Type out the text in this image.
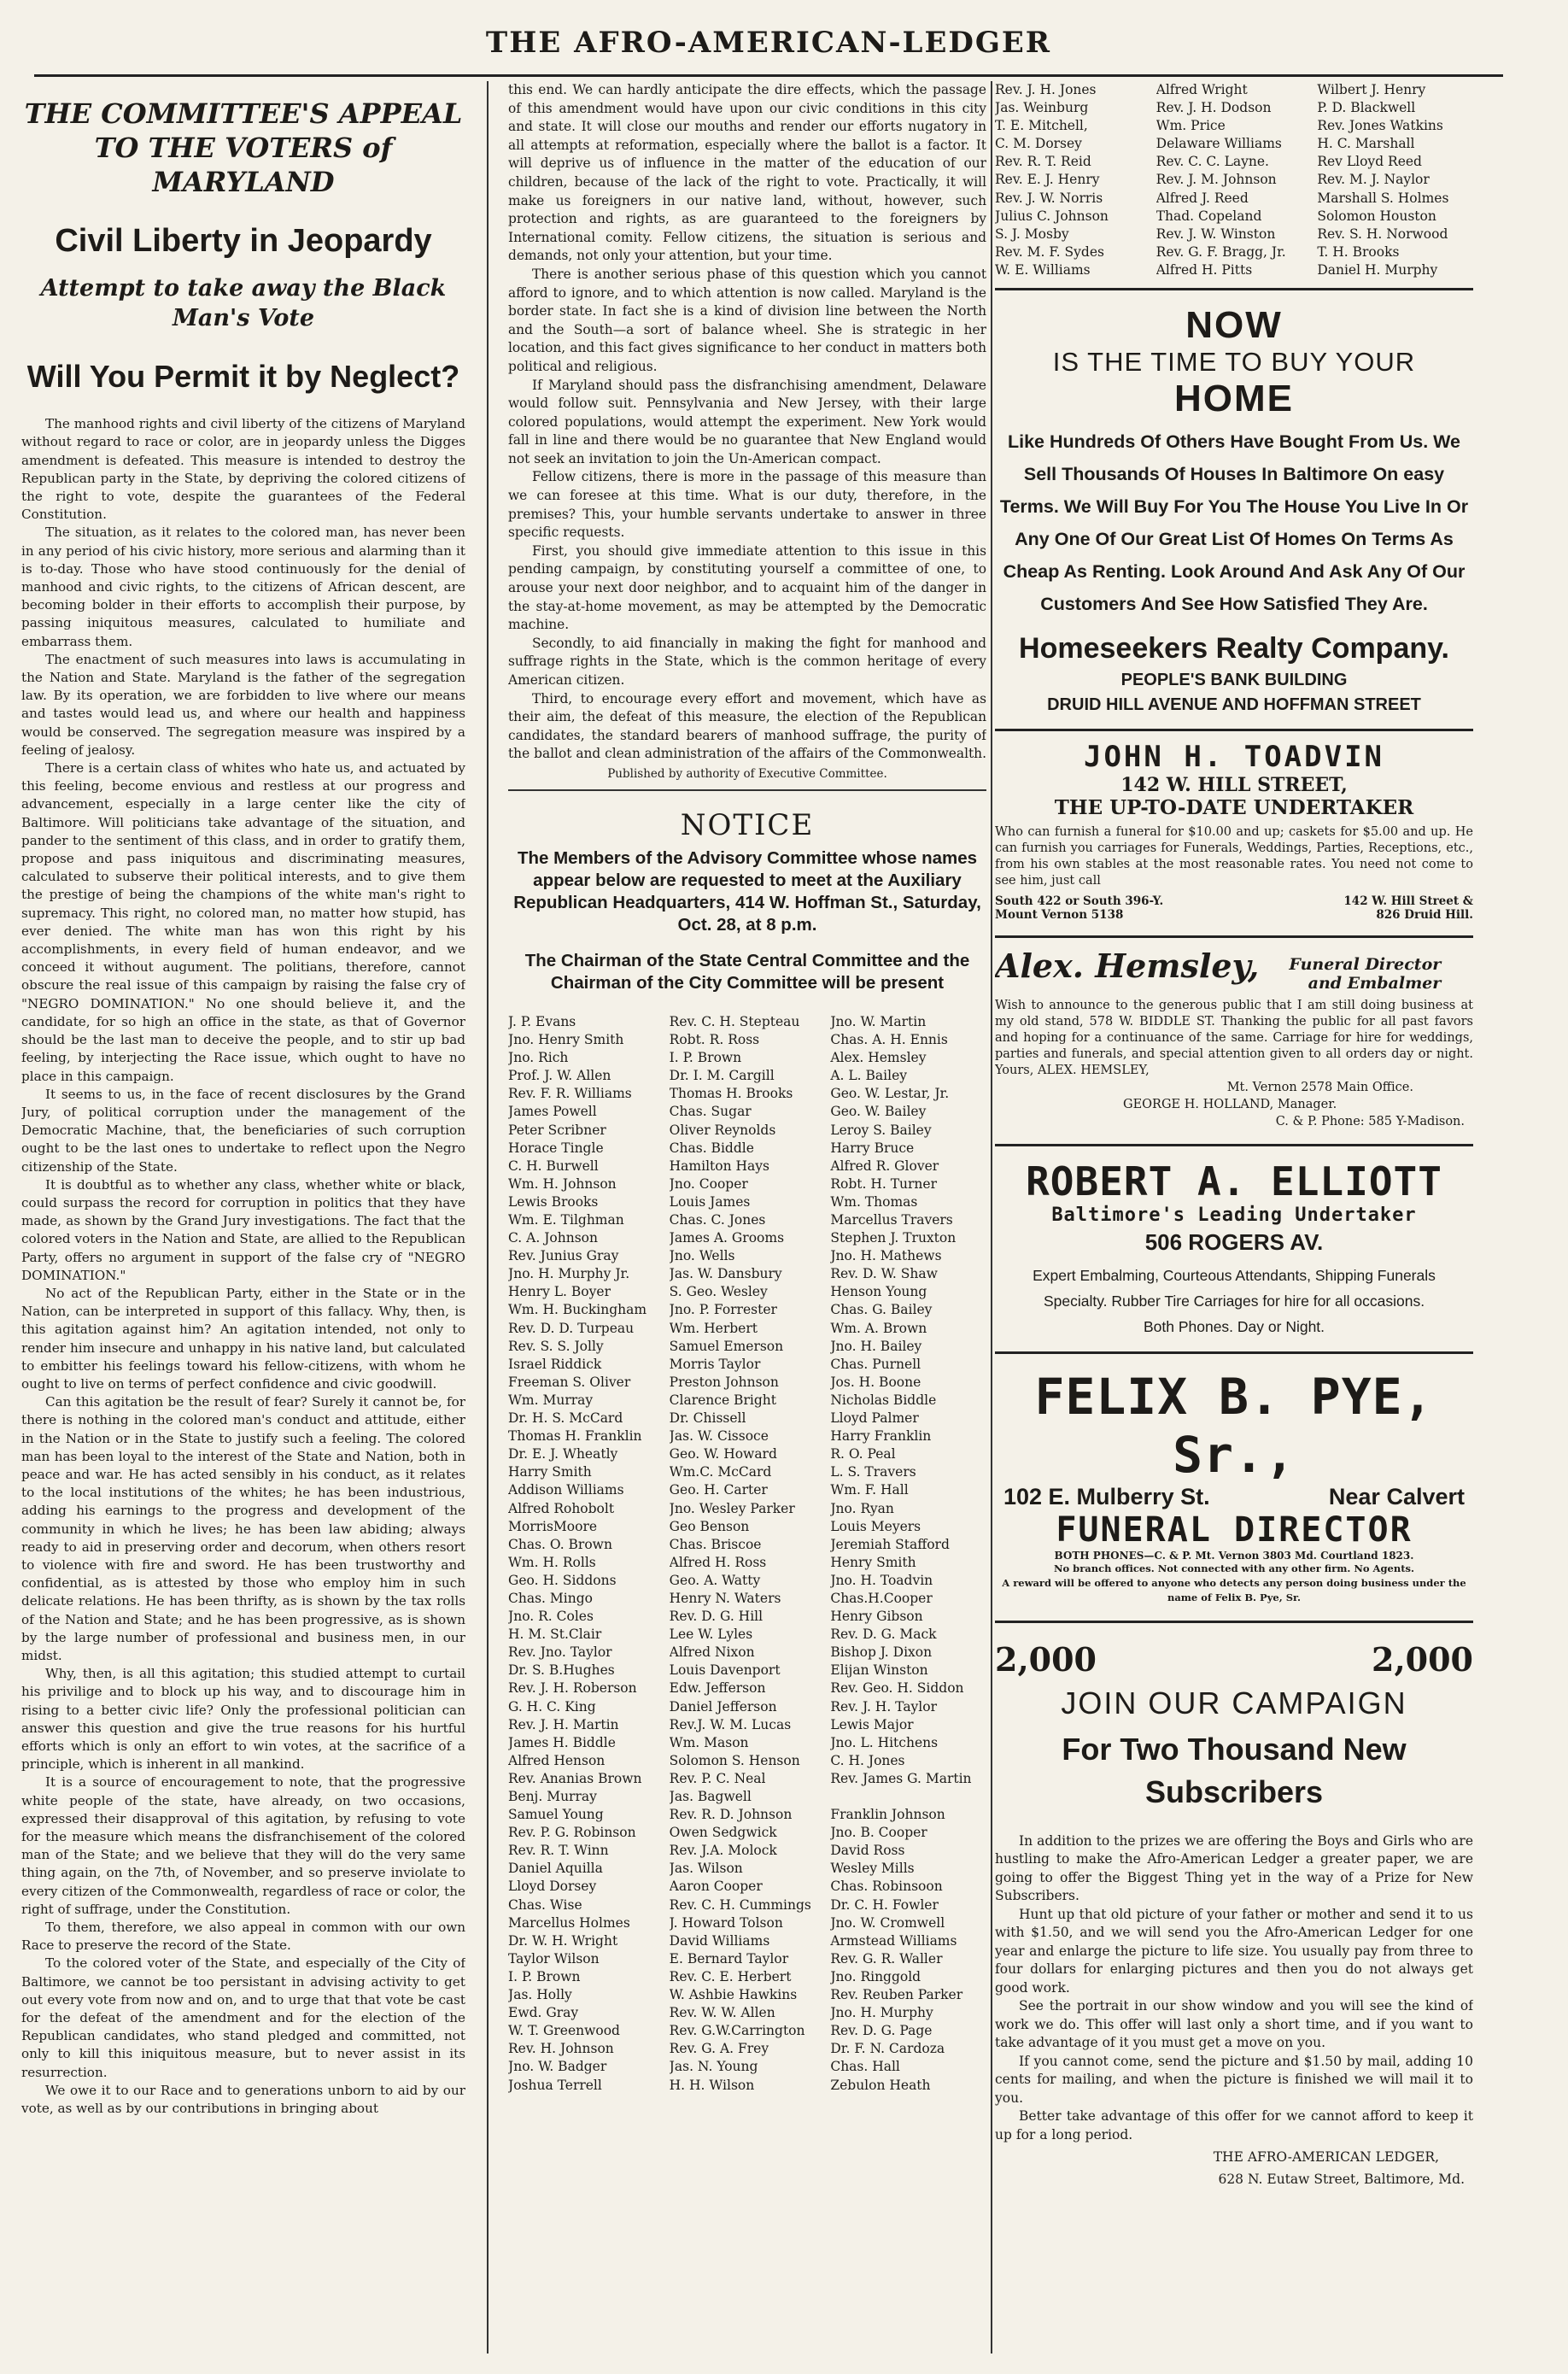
THE AFRO-AMERICAN-LEDGER
THE COMMITTEE'S APPEAL TO THE VOTERS of MARYLAND
Civil Liberty in Jeopardy
Attempt to take away the Black Man's Vote
Will You Permit it by Neglect?

The manhood rights and civil liberty of the citizens of Maryland without regard to race or color, are in jeopardy unless the Digges amendment is defeated. This measure is intended to destroy the Republican party in the State, by depriving the colored citizens of the right to vote, despite the guarantees of the Federal Constitution.

The situation, as it relates to the colored man, has never been in any period of his civic history, more serious and alarming than it is to-day. Those who have stood continuously for the denial of manhood and civic rights, to the citizens of African descent, are becoming bolder in their efforts to accomplish their purpose, by passing iniquitous measures, calculated to humiliate and embarrass them.

The enactment of such measures into laws is accumulating in the Nation and State. Maryland is the father of the segregation law. By its operation, we are forbidden to live where our means and tastes would lead us, and where our health and happiness would be conserved. The segregation measure was inspired by a feeling of jealosy.

There is a certain class of whites who hate us, and actuated by this feeling, become envious and restless at our progress and advancement, especially in a large center like the city of Baltimore. Will politicians take advantage of the situation, and pander to the sentiment of this class, and in order to gratify them, propose and pass iniquitous and discriminating measures, calculated to subserve their political interests, and to give them the prestige of being the champions of the white man's right to supremacy. This right, no colored man, no matter how stupid, has ever denied. The white man has won this right by his accomplishments, in every field of human endeavor, and we conceed it without augument. The politians, therefore, cannot obscure the real issue of this campaign by raising the false cry of "NEGRO DOMINATION." No one should believe it, and the candidate, for so high an office in the state, as that of Governor should be the last man to deceive the people, and to stir up bad feeling, by interjecting the Race issue, which ought to have no place in this campaign.

It seems to us, in the face of recent disclosures by the Grand Jury, of political corruption under the management of the Democratic Machine, that, the beneficiaries of such corruption ought to be the last ones to undertake to reflect upon the Negro citizenship of the State.

It is doubtful as to whether any class, whether white or black, could surpass the record for corruption in politics that they have made, as shown by the Grand Jury investigations. The fact that the colored voters in the Nation and State, are allied to the Republican Party, offers no argument in support of the false cry of "NEGRO DOMINATION."

No act of the Republican Party, either in the State or in the Nation, can be interpreted in support of this fallacy. Why, then, is this agitation against him? An agitation intended, not only to render him insecure and unhappy in his native land, but calculated to embitter his feelings toward his fellow-citizens, with whom he ought to live on terms of perfect confidence and civic goodwill.

Can this agitation be the result of fear? Surely it cannot be, for there is nothing in the colored man's conduct and attitude, either in the Nation or in the State to justify such a feeling. The colored man has been loyal to the interest of the State and Nation, both in peace and war. He has acted sensibly in his conduct, as it relates to the local institutions of the whites; he has been industrious, adding his earnings to the progress and development of the community in which he lives; he has been law abiding; always ready to aid in preserving order and decorum, when others resort to violence with fire and sword. He has been trustworthy and confidential, as is attested by those who employ him in such delicate relations. He has been thrifty, as is shown by the tax rolls of the Nation and State; and he has been progressive, as is shown by the large number of professional and business men, in our midst.

Why, then, is all this agitation; this studied attempt to curtail his privilige and to block up his way, and to discourage him in rising to a better civic life? Only the professional politician can answer this question and give the true reasons for his hurtful efforts which is only an effort to win votes, at the sacrifice of a principle, which is inherent in all mankind.

It is a source of encouragement to note, that the progressive white people of the state, have already, on two occasions, expressed their disapproval of this agitation, by refusing to vote for the measure which means the disfranchisement of the colored man of the State; and we believe that they will do the very same thing again, on the 7th, of November, and so preserve inviolate to every citizen of the Commonwealth, regardless of race or color, the right of suffrage, under the Constitution.

To them, therefore, we also appeal in common with our own Race to preserve the record of the State.

To the colored voter of the State, and especially of the City of Baltimore, we cannot be too persistant in advising activity to get out every vote from now and on, and to urge that that vote be cast for the defeat of the amendment and for the election of the Republican candidates, who stand pledged and committed, not only to kill this iniquitous measure, but to never assist in its resurrection.

We owe it to our Race and to generations unborn to aid by our vote, as well as by our contributions in bringing about

this end. We can hardly anticipate the dire effects, which the passage of this amendment would have upon our civic conditions in this city and state. It will close our mouths and render our efforts nugatory in all attempts at reformation, especially where the ballot is a factor. It will deprive us of influence in the matter of the education of our children, because of the lack of the right to vote. Practically, it will make us foreigners in our native land, without, however, such protection and rights, as are guaranteed to the foreigners by International comity. Fellow citizens, the situation is serious and demands, not only your attention, but your time.

There is another serious phase of this question which you cannot afford to ignore, and to which attention is now called. Maryland is the border state. In fact she is a kind of division line between the North and the South—a sort of balance wheel. She is strategic in her location, and this fact gives significance to her conduct in matters both political and religious.

If Maryland should pass the disfranchising amendment, Delaware would follow suit. Pennsylvania and New Jersey, with their large colored populations, would attempt the experiment. New York would fall in line and there would be no guarantee that New England would not seek an invitation to join the Un-American compact.

Fellow citizens, there is more in the passage of this measure than we can foresee at this time. What is our duty, therefore, in the premises? This, your humble servants undertake to answer in three specific requests.

First, you should give immediate attention to this issue in this pending campaign, by constituting yourself a committee of one, to arouse your next door neighbor, and to acquaint him of the danger in the stay-at-home movement, as may be attempted by the Democratic machine.

Secondly, to aid financially in making the fight for manhood and suffrage rights in the State, which is the common heritage of every American citizen.

Third, to encourage every effort and movement, which have as their aim, the defeat of this measure, the election of the Republican candidates, the standard bearers of manhood suffrage, the purity of the ballot and clean administration of the affairs of the Commonwealth.

Published by authority of Executive Committee.
NOTICE
The Members of the Advisory Committee whose names appear below are requested to meet at the Auxiliary Republican Headquarters, 414 W. Hoffman St., Saturday, Oct. 28, at 8 p.m.
The Chairman of the State Central Committee and the Chairman of the City Committee will be present
J. P. Evans	Rev. C. H. Stepteau	Jno. W. Martin
Jno. Henry Smith	Robt. R. Ross	Chas. A. H. Ennis
Jno. Rich	I. P. Brown	Alex. Hemsley
Prof. J. W. Allen	Dr. I. M. Cargill	A. L. Bailey
Rev. F. R. Williams	Thomas H. Brooks	Geo. W. Lestar, Jr.
James Powell	Chas. Sugar	Geo. W. Bailey
Peter Scribner	Oliver Reynolds	Leroy S. Bailey
Horace Tingle	Chas. Biddle	Harry Bruce
C. H. Burwell	Hamilton Hays	Alfred R. Glover
Wm. H. Johnson	Jno. Cooper	Robt. H. Turner
Lewis Brooks	Louis James	Wm. Thomas
Wm. E. Tilghman	Chas. C. Jones	Marcellus Travers
C. A. Johnson	James A. Grooms	Stephen J. Truxton
Rev. Junius Gray	Jno. Wells	Jno. H. Mathews
Jno. H. Murphy Jr.	Jas. W. Dansbury	Rev. D. W. Shaw
Henry L. Boyer	S. Geo. Wesley	Henson Young
Wm. H. Buckingham	Jno. P. Forrester	Chas. G. Bailey
Rev. D. D. Turpeau	Wm. Herbert	Wm. A. Brown
Rev. S. S. Jolly	Samuel Emerson	Jno. H. Bailey
Israel Riddick	Morris Taylor	Chas. Purnell
Freeman S. Oliver	Preston Johnson	Jos. H. Boone
Wm. Murray	Clarence Bright	Nicholas Biddle
Dr. H. S. McCard	Dr. Chissell	Lloyd Palmer
Thomas H. Franklin	Jas. W. Cissoce	Harry Franklin
Dr. E. J. Wheatly	Geo. W. Howard	R. O. Peal
Harry Smith	Wm.C. McCard	L. S. Travers
Addison Williams	Geo. H. Carter	Wm. F. Hall
Alfred Rohobolt	Jno. Wesley Parker	Jno. Ryan
MorrisMoore	Geo Benson	Louis Meyers
Chas. O. Brown	Chas. Briscoe	Jeremiah Stafford
Wm. H. Rolls	Alfred H. Ross	Henry Smith
Geo. H. Siddons	Geo. A. Watty	Jno. H. Toadvin
Chas. Mingo	Henry N. Waters	Chas.H.Cooper
Jno. R. Coles	Rev. D. G. Hill	Henry Gibson
H. M. St.Clair	Lee W. Lyles	Rev. D. G. Mack
Rev. Jno. Taylor	Alfred Nixon	Bishop J. Dixon
Dr. S. B.Hughes	Louis Davenport	Elijan Winston
Rev. J. H. Roberson	Edw. Jefferson	Rev. Geo. H. Siddon
G. H. C. King	Daniel Jefferson	Rev. J. H. Taylor
Rev. J. H. Martin	Rev.J. W. M. Lucas	Lewis Major
James H. Biddle	Wm. Mason	Jno. L. Hitchens
Alfred Henson	Solomon S. Henson	C. H. Jones
Rev. Ananias Brown	Rev. P. C. Neal	Rev. James G. Martin
Benj. Murray	Jas. Bagwell
Samuel Young	Rev. R. D. Johnson	Franklin Johnson
Rev. P. G. Robinson	Owen Sedgwick	Jno. B. Cooper
Rev. R. T. Winn	Rev. J.A. Molock	David Ross
Daniel Aquilla	Jas. Wilson	Wesley Mills
Lloyd Dorsey	Aaron Cooper	Chas. Robinsoon
Chas. Wise	Rev. C. H. Cummings	Dr. C. H. Fowler
Marcellus Holmes	J. Howard Tolson	Jno. W. Cromwell
Dr. W. H. Wright	David Williams	Armstead Williams
Taylor Wilson	E. Bernard Taylor	Rev. G. R. Waller
I. P. Brown	Rev. C. E. Herbert	Jno. Ringgold
Jas. Holly	W. Ashbie Hawkins	Rev. Reuben Parker
Ewd. Gray	Rev. W. W. Allen	Jno. H. Murphy
W. T. Greenwood	Rev. G.W.Carrington	Rev. D. G. Page
Rev. H. Johnson	Rev. G. A. Frey	Dr. F. N. Cardoza
Jno. W. Badger	Jas. N. Young	Chas. Hall
Joshua Terrell	H. H. Wilson	Zebulon Heath
Rev. J. H. Jones	Alfred Wright	Wilbert J. Henry
Jas. Weinburg	Rev. J. H. Dodson	P. D. Blackwell
T. E. Mitchell,	Wm. Price	Rev. Jones Watkins
C. M. Dorsey	Delaware Williams	H. C. Marshall
Rev. R. T. Reid	Rev. C. C. Layne.	Rev Lloyd Reed
Rev. E. J. Henry	Rev. J. M. Johnson	Rev. M. J. Naylor
Rev. J. W. Norris	Alfred J. Reed	Marshall S. Holmes
Julius C. Johnson	Thad. Copeland	Solomon Houston
S. J. Mosby	Rev. J. W. Winston	Rev. S. H. Norwood
Rev. M. F. Sydes	Rev. G. F. Bragg, Jr.	T. H. Brooks
W. E. Williams	Alfred H. Pitts	Daniel H. Murphy
NOW
IS THE TIME TO BUY YOUR
HOME
Like Hundreds Of Others Have Bought From Us. We Sell Thousands Of Houses In Baltimore On easy Terms. We Will Buy For You The House You Live In Or Any One Of Our Great List Of Homes On Terms As Cheap As Renting. Look Around And Ask Any Of Our Customers And See How Satisfied They Are.
Homeseekers Realty Company.
PEOPLE'S BANK BUILDING
DRUID HILL AVENUE AND HOFFMAN STREET
JOHN H. TOADVIN
142 W. HILL STREET,
THE UP-TO-DATE UNDERTAKER
Who can furnish a funeral for $10.00 and up; caskets for $5.00 and up. He can furnish you carriages for Funerals, Weddings, Parties, Receptions, etc., from his own stables at the most reasonable rates. You need not come to see him, just call
South 422 or South 396-Y. Mount Vernon 5138
142 W. Hill Street & 826 Druid Hill.
Alex. Hemsley, Funeral Director and Embalmer
Wish to announce to the generous public that I am still doing business at my old stand, 578 W. BIDDLE ST. Thanking the public for all past favors and hoping for a continuance of the same. Carriage for hire for weddings, parties and funerals, and special attention given to all orders day or night. Yours, ALEX. HEMSLEY,
Mt. Vernon 2578 Main Office.
GEORGE H. HOLLAND, Manager.
C. & P. Phone: 585 Y-Madison.
ROBERT A. ELLIOTT
Baltimore's Leading Undertaker
506 ROGERS AV.
Expert Embalming, Courteous Attendants, Shipping Funerals
Specialty. Rubber Tire Carriages for hire for all occasions.
Both Phones. Day or Night.
FELIX B. PYE, Sr.,
102 E. Mulberry St.	Near Calvert
FUNERAL DIRECTOR
BOTH PHONES—C. & P. Mt. Vernon 3803 Md. Courtland 1823.
No branch offices. Not connected with any other firm. No Agents.
A reward will be offered to anyone who detects any person doing business under the name of Felix B. Pye, Sr.
2,000	2,000
JOIN OUR CAMPAIGN
For Two Thousand New Subscribers

In addition to the prizes we are offering the Boys and Girls who are hustling to make the Afro-American Ledger a greater paper, we are going to offer the Biggest Thing yet in the way of a Prize for New Subscribers.

Hunt up that old picture of your father or mother and send it to us with $1.50, and we will send you the Afro-American Ledger for one year and enlarge the picture to life size. You usually pay from three to four dollars for enlarging pictures and then you do not always get good work.

See the portrait in our show window and you will see the kind of work we do. This offer will last only a short time, and if you want to take advantage of it you must get a move on you.

If you cannot come, send the picture and $1.50 by mail, adding 10 cents for mailing, and when the picture is finished we will mail it to you.

Better take advantage of this offer for we cannot afford to keep it up for a long period.

THE AFRO-AMERICAN LEDGER,
628 N. Eutaw Street, Baltimore, Md.
